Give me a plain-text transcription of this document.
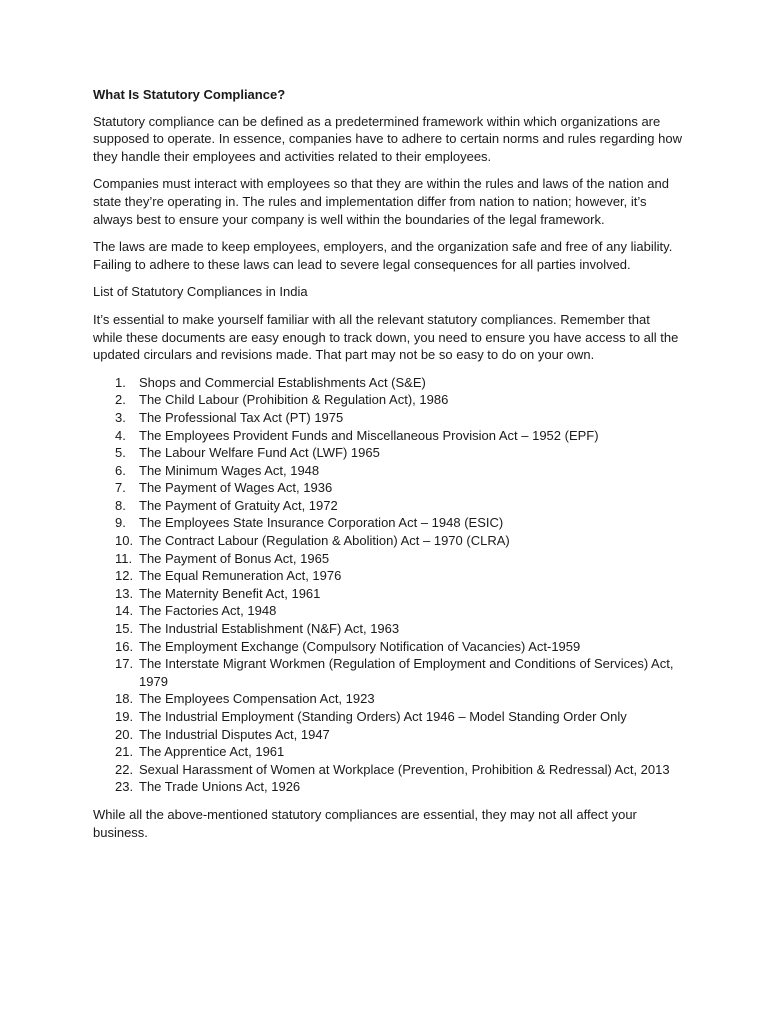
What Is Statutory Compliance?

Statutory compliance can be defined as a predetermined framework within which organizations are supposed to operate. In essence, companies have to adhere to certain norms and rules regarding how they handle their employees and activities related to their employees.

Companies must interact with employees so that they are within the rules and laws of the nation and state they’re operating in. The rules and implementation differ from nation to nation; however, it’s always best to ensure your company is well within the boundaries of the legal framework.

The laws are made to keep employees, employers, and the organization safe and free of any liability. Failing to adhere to these laws can lead to severe legal consequences for all parties involved.

List of Statutory Compliances in India

It’s essential to make yourself familiar with all the relevant statutory compliances. Remember that while these documents are easy enough to track down, you need to ensure you have access to all the updated circulars and revisions made. That part may not be so easy to do on your own.

1. Shops and Commercial Establishments Act (S&E)
2. The Child Labour (Prohibition & Regulation Act), 1986
3. The Professional Tax Act (PT) 1975
4. The Employees Provident Funds and Miscellaneous Provision Act – 1952 (EPF)
5. The Labour Welfare Fund Act (LWF) 1965
6. The Minimum Wages Act, 1948
7. The Payment of Wages Act, 1936
8. The Payment of Gratuity Act, 1972
9. The Employees State Insurance Corporation Act – 1948 (ESIC)
10. The Contract Labour (Regulation & Abolition) Act – 1970 (CLRA)
11. The Payment of Bonus Act, 1965
12. The Equal Remuneration Act, 1976
13. The Maternity Benefit Act, 1961
14. The Factories Act, 1948
15. The Industrial Establishment (N&F) Act, 1963
16. The Employment Exchange (Compulsory Notification of Vacancies) Act-1959
17. The Interstate Migrant Workmen (Regulation of Employment and Conditions of Services) Act, 1979
18. The Employees Compensation Act, 1923
19. The Industrial Employment (Standing Orders) Act 1946 – Model Standing Order Only
20. The Industrial Disputes Act, 1947
21. The Apprentice Act, 1961
22. Sexual Harassment of Women at Workplace (Prevention, Prohibition & Redressal) Act, 2013
23. The Trade Unions Act, 1926

While all the above-mentioned statutory compliances are essential, they may not all affect your business.
